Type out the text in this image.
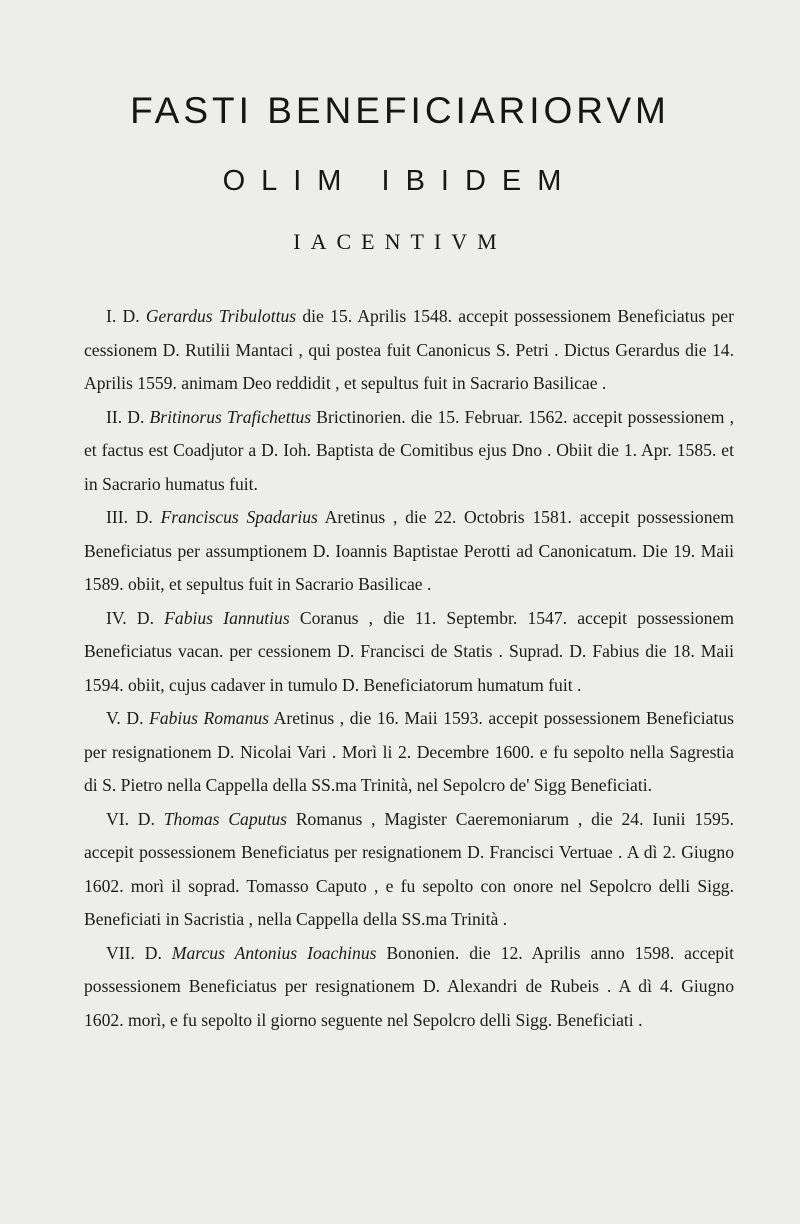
FASTI BENEFICIARIORVM
OLIM IBIDEM
IACENTIVM

I. D. Gerardus Tribulottus die 15. Aprilis 1548. accepit possessionem Beneficiatus per cessionem D. Rutilii Mantaci , qui postea fuit Canonicus S. Petri . Dictus Gerardus die 14. Aprilis 1559. animam Deo reddidit , et sepultus fuit in Sacrario Basilicae .

II. D. Britinorus Trafichettus Brictinorien. die 15. Februar. 1562. accepit possessionem , et factus est Coadjutor a D. Ioh. Baptista de Comitibus ejus Dno . Obiit die 1. Apr. 1585. et in Sacrario humatus fuit.

III. D. Franciscus Spadarius Aretinus , die 22. Octobris 1581. accepit possessionem Beneficiatus per assumptionem D. Ioannis Baptistae Perotti ad Canonicatum. Die 19. Maii 1589. obiit, et sepultus fuit in Sacrario Basilicae .

IV. D. Fabius Iannutius Coranus , die 11. Septembr. 1547. accepit possessionem Beneficiatus vacan. per cessionem D. Francisci de Statis . Suprad. D. Fabius die 18. Maii 1594. obiit, cujus cadaver in tumulo D. Beneficiatorum humatum fuit .

V. D. Fabius Romanus Aretinus , die 16. Maii 1593. accepit possessionem Beneficiatus per resignationem D. Nicolai Vari . Morì li 2. Decembre 1600. e fu sepolto nella Sagrestia di S. Pietro nella Cappella della SS.ma Trinità, nel Sepolcro de' Sigg Beneficiati.

VI. D. Thomas Caputus Romanus , Magister Caeremoniarum , die 24. Iunii 1595. accepit possessionem Beneficiatus per resignationem D. Francisci Vertuae . A dì 2. Giugno 1602. morì il soprad. Tomasso Caputo , e fu sepolto con onore nel Sepolcro delli Sigg. Beneficiati in Sacristia , nella Cappella della SS.ma Trinità .

VII. D. Marcus Antonius Ioachinus Bononien. die 12. Aprilis anno 1598. accepit possessionem Beneficiatus per resignationem D. Alexandri de Rubeis . A dì 4. Giugno 1602. morì, e fu sepolto il giorno seguente nel Sepolcro delli Sigg. Beneficiati .
